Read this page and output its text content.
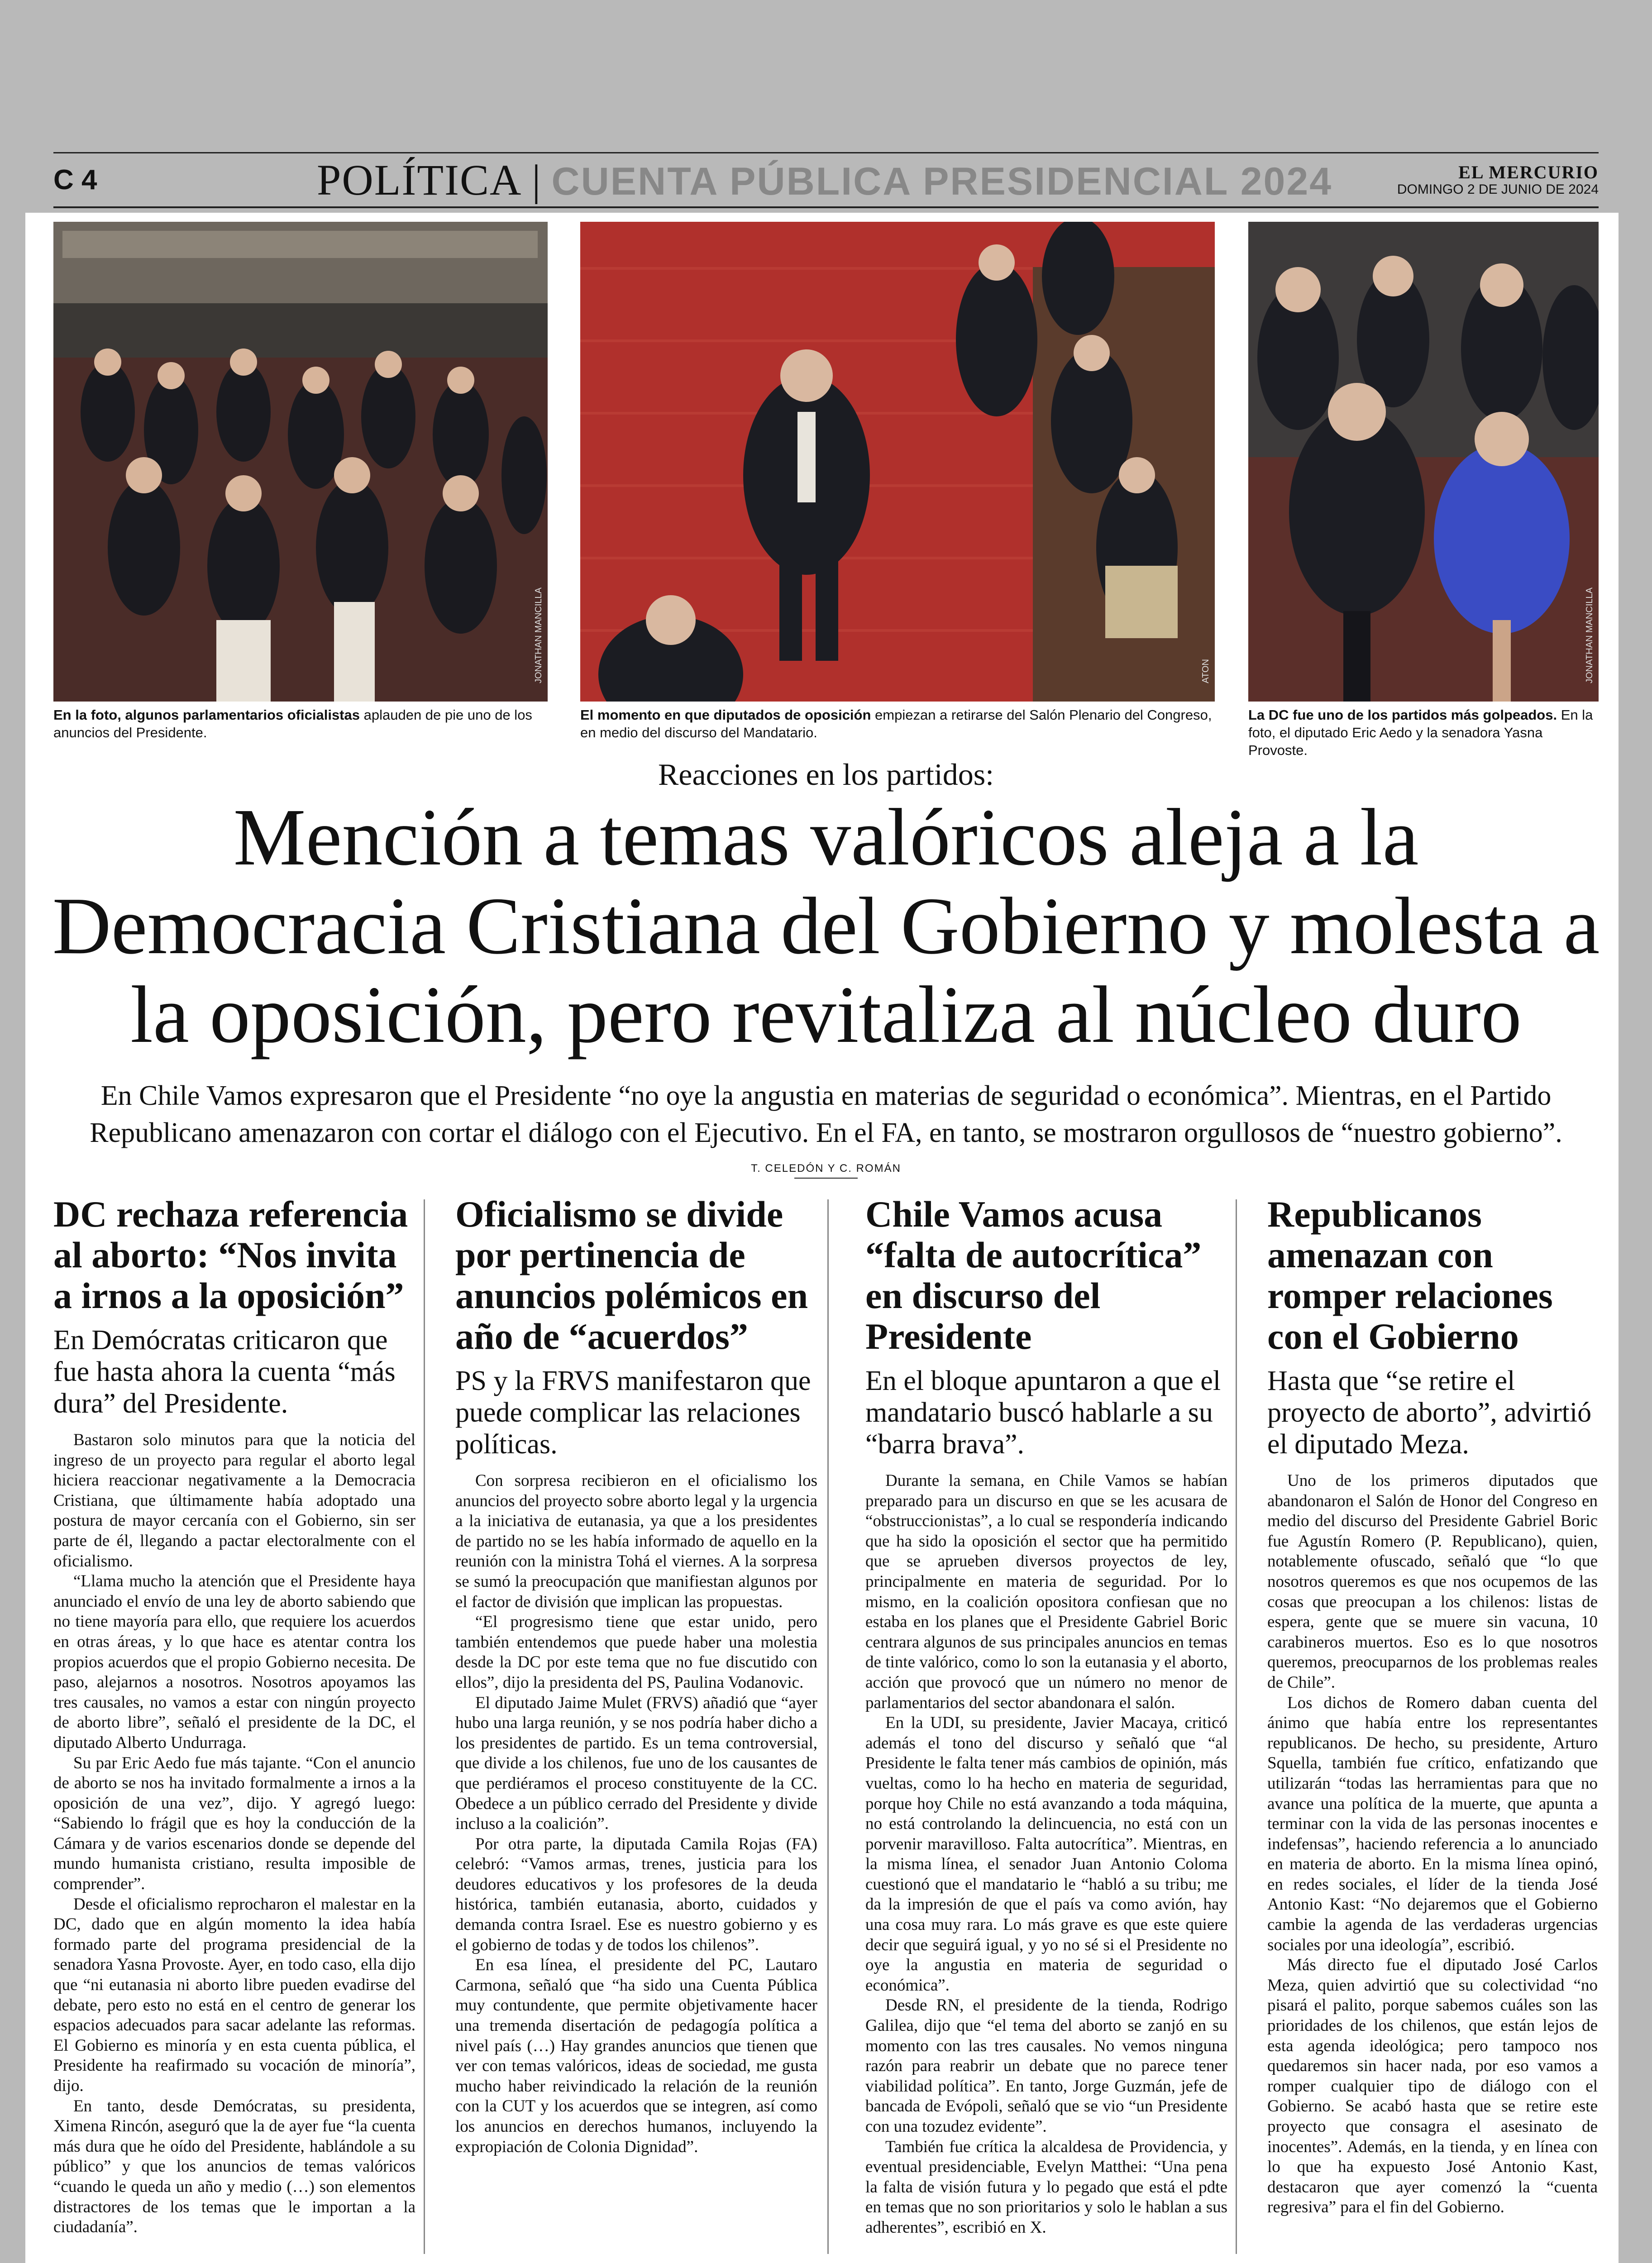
C 4	POLÍTICA | CUENTA PÚBLICA PRESIDENCIAL 2024	EL MERCURIO
DOMINGO 2 DE JUNIO DE 2024
JONATHAN MANCILLA	ATON	JONATHAN MANCILLA
En la foto, algunos parlamentarios oficialistas aplauden de pie uno de los anuncios del Presidente.
El momento en que diputados de oposición empiezan a retirarse del Salón Plenario del Congreso, en medio del discurso del Mandatario.
La DC fue uno de los partidos más golpeados. En la foto, el diputado Eric Aedo y la senadora Yasna Provoste.
Reacciones en los partidos:
Mención a temas valóricos aleja a la Democracia Cristiana del Gobierno y molesta a la oposición, pero revitaliza al núcleo duro
En Chile Vamos expresaron que el Presidente “no oye la angustia en materias de seguridad o económica”. Mientras, en el Partido Republicano amenazaron con cortar el diálogo con el Ejecutivo. En el FA, en tanto, se mostraron orgullosos de “nuestro gobierno”.
T. CELEDÓN Y C. ROMÁN
DC rechaza referencia al aborto: “Nos invita a irnos a la oposición”
En Demócratas criticaron que fue hasta ahora la cuenta “más dura” del Presidente.

Bastaron solo minutos para que la noticia del ingreso de un proyecto para regular el aborto legal hiciera reaccionar negativamente a la Democracia Cristiana, que últimamente había adoptado una postura de mayor cercanía con el Gobierno, sin ser parte de él, llegando a pactar electoralmente con el oficialismo.

“Llama mucho la atención que el Presidente haya anunciado el envío de una ley de aborto sabiendo que no tiene mayoría para ello, que requiere los acuerdos en otras áreas, y lo que hace es atentar contra los propios acuerdos que el propio Gobierno necesita. De paso, alejarnos a nosotros. Nosotros apoyamos las tres causales, no vamos a estar con ningún proyecto de aborto libre”, señaló el presidente de la DC, el diputado Alberto Undurraga.

Su par Eric Aedo fue más tajante. “Con el anuncio de aborto se nos ha invitado formalmente a irnos a la oposición de una vez”, dijo. Y agregó luego: “Sabiendo lo frágil que es hoy la conducción de la Cámara y de varios escenarios donde se depende del mundo humanista cristiano, resulta imposible de comprender”.

Desde el oficialismo reprocharon el malestar en la DC, dado que en algún momento la idea había formado parte del programa presidencial de la senadora Yasna Provoste. Ayer, en todo caso, ella dijo que “ni eutanasia ni aborto libre pueden evadirse del debate, pero esto no está en el centro de generar los espacios adecuados para sacar adelante las reformas. El Gobierno es minoría y en esta cuenta pública, el Presidente ha reafirmado su vocación de minoría”, dijo.

En tanto, desde Demócratas, su presidenta, Ximena Rincón, aseguró que la de ayer fue “la cuenta más dura que he oído del Presidente, hablándole a su público” y que los anuncios de temas valóricos “cuando le queda un año y medio (…) son elementos distractores de los temas que le importan a la ciudadanía”.

Oficialismo se divide por pertinencia de anuncios polémicos en año de “acuerdos”
PS y la FRVS manifestaron que puede complicar las relaciones políticas.

Con sorpresa recibieron en el oficialismo los anuncios del proyecto sobre aborto legal y la urgencia a la iniciativa de eutanasia, ya que a los presidentes de partido no se les había informado de aquello en la reunión con la ministra Tohá el viernes. A la sorpresa se sumó la preocupación que manifiestan algunos por el factor de división que implican las propuestas.

“El progresismo tiene que estar unido, pero también entendemos que puede haber una molestia desde la DC por este tema que no fue discutido con ellos”, dijo la presidenta del PS, Paulina Vodanovic.

El diputado Jaime Mulet (FRVS) añadió que “ayer hubo una larga reunión, y se nos podría haber dicho a los presidentes de partido. Es un tema controversial, que divide a los chilenos, fue uno de los causantes de que perdiéramos el proceso constituyente de la CC. Obedece a un público cerrado del Presidente y divide incluso a la coalición”.

Por otra parte, la diputada Camila Rojas (FA) celebró: “Vamos armas, trenes, justicia para los deudores educativos y los profesores de la deuda histórica, también eutanasia, aborto, cuidados y demanda contra Israel. Ese es nuestro gobierno y es el gobierno de todas y de todos los chilenos”.

En esa línea, el presidente del PC, Lautaro Carmona, señaló que “ha sido una Cuenta Pública muy contundente, que permite objetivamente hacer una tremenda disertación de pedagogía política a nivel país (…) Hay grandes anuncios que tienen que ver con temas valóricos, ideas de sociedad, me gusta mucho haber reivindicado la relación de la reunión con la CUT y los acuerdos que se integren, así como los anuncios en derechos humanos, incluyendo la expropiación de Colonia Dignidad”.

Chile Vamos acusa “falta de autocrítica” en discurso del Presidente
En el bloque apuntaron a que el mandatario buscó hablarle a su “barra brava”.

Durante la semana, en Chile Vamos se habían preparado para un discurso en que se les acusara de “obstruccionistas”, a lo cual se respondería indicando que ha sido la oposición el sector que ha permitido que se aprueben diversos proyectos de ley, principalmente en materia de seguridad. Por lo mismo, en la coalición opositora confiesan que no estaba en los planes que el Presidente Gabriel Boric centrara algunos de sus principales anuncios en temas de tinte valórico, como lo son la eutanasia y el aborto, acción que provocó que un número no menor de parlamentarios del sector abandonara el salón.

En la UDI, su presidente, Javier Macaya, criticó además el tono del discurso y señaló que “al Presidente le falta tener más cambios de opinión, más vueltas, como lo ha hecho en materia de seguridad, porque hoy Chile no está avanzando a toda máquina, no está controlando la delincuencia, no está con un porvenir maravilloso. Falta autocrítica”. Mientras, en la misma línea, el senador Juan Antonio Coloma cuestionó que el mandatario le “habló a su tribu; me da la impresión de que el país va como avión, hay una cosa muy rara. Lo más grave es que este quiere decir que seguirá igual, y yo no sé si el Presidente no oye la angustia en materia de seguridad o económica”.

Desde RN, el presidente de la tienda, Rodrigo Galilea, dijo que “el tema del aborto se zanjó en su momento con las tres causales. No vemos ninguna razón para reabrir un debate que no parece tener viabilidad política”. En tanto, Jorge Guzmán, jefe de bancada de Evópoli, señaló que se vio “un Presidente con una tozudez evidente”.

También fue crítica la alcaldesa de Providencia, y eventual presidenciable, Evelyn Matthei: “Una pena la falta de visión futura y lo pegado que está el pdte en temas que no son prioritarios y solo le hablan a sus adherentes”, escribió en X.

Republicanos amenazan con romper relaciones con el Gobierno
Hasta que “se retire el proyecto de aborto”, advirtió el diputado Meza.

Uno de los primeros diputados que abandonaron el Salón de Honor del Congreso en medio del discurso del Presidente Gabriel Boric fue Agustín Romero (P. Republicano), quien, notablemente ofuscado, señaló que “lo que nosotros queremos es que nos ocupemos de las cosas que preocupan a los chilenos: listas de espera, gente que se muere sin vacuna, 10 carabineros muertos. Eso es lo que nosotros queremos, preocuparnos de los problemas reales de Chile”.

Los dichos de Romero daban cuenta del ánimo que había entre los representantes republicanos. De hecho, su presidente, Arturo Squella, también fue crítico, enfatizando que utilizarán “todas las herramientas para que no avance una política de la muerte, que apunta a terminar con la vida de las personas inocentes e indefensas”, haciendo referencia a lo anunciado en materia de aborto. En la misma línea opinó, en redes sociales, el líder de la tienda José Antonio Kast: “No dejaremos que el Gobierno cambie la agenda de las verdaderas urgencias sociales por una ideología”, escribió.

Más directo fue el diputado José Carlos Meza, quien advirtió que su colectividad “no pisará el palito, porque sabemos cuáles son las prioridades de los chilenos, que están lejos de esta agenda ideológica; pero tampoco nos quedaremos sin hacer nada, por eso vamos a romper cualquier tipo de diálogo con el Gobierno. Se acabó hasta que se retire este proyecto que consagra el asesinato de inocentes”. Además, en la tienda, y en línea con lo que ha expuesto José Antonio Kast, destacaron que ayer comenzó la “cuenta regresiva” para el fin del Gobierno.
